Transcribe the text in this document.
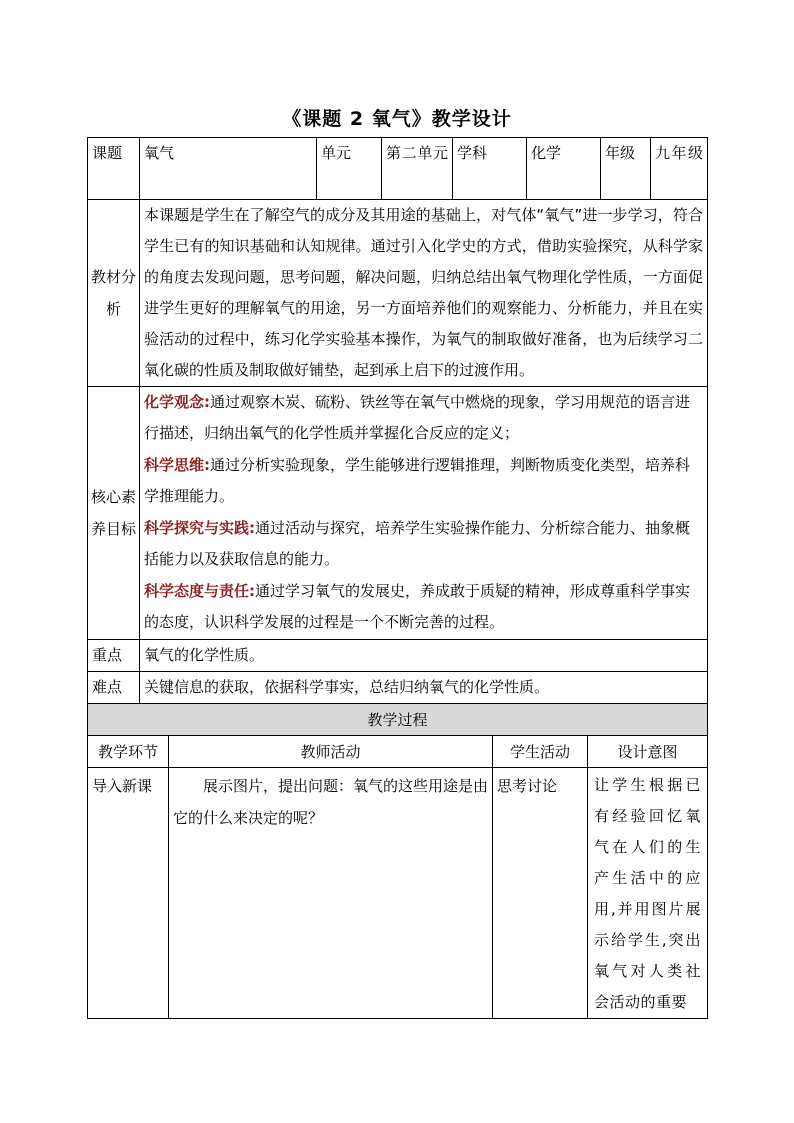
《课题 2 氧气》教学设计
课题	氧气	单元	第二单元	学科	化学	年级	九年级
教材分析	本课题是学生在了解空气的成分及其用途的基础上，对气体“氧气”进一步学习，符合学生已有的知识基础和认知规律。通过引入化学史的方式，借助实验探究，从科学家的角度去发现问题，思考问题，解决问题，归纳总结出氧气物理化学性质，一方面促进学生更好的理解氧气的用途，另一方面培养他们的观察能力、分析能力，并且在实验活动的过程中，练习化学实验基本操作，为氧气的制取做好准备，也为后续学习二氧化碳的性质及制取做好铺垫，起到承上启下的过渡作用。						
核心素养目标	化学观念:通过观察木炭、硫粉、铁丝等在氧气中燃烧的现象，学习用规范的语言进行描述，归纳出氧气的化学性质并掌握化合反应的定义；

科学思维:通过分析实验现象，学生能够进行逻辑推理，判断物质变化类型，培养科学推理能力。

科学探究与实践:通过活动与探究，培养学生实验操作能力、分析综合能力、抽象概括能力以及获取信息的能力。

科学态度与责任:通过学习氧气的发展史，养成敢于质疑的精神，形成尊重科学事实的态度，认识科学发展的过程是一个不断完善的过程。						

重点	氧气的化学性质。						
难点	关键信息的获取，依据科学事实，总结归纳氧气的化学性质。						
教学过程			
教学环节	教师活动	学生活动	设计意图
导入新课	展示图片，提出问题：氧气的这些用途是由它的什么来决定的呢？	思考讨论	让学生根据已有经验回忆氧气在人们的生产生活中的应用,并用图片展示给学生,突出氧气对人类社会活动的重要
